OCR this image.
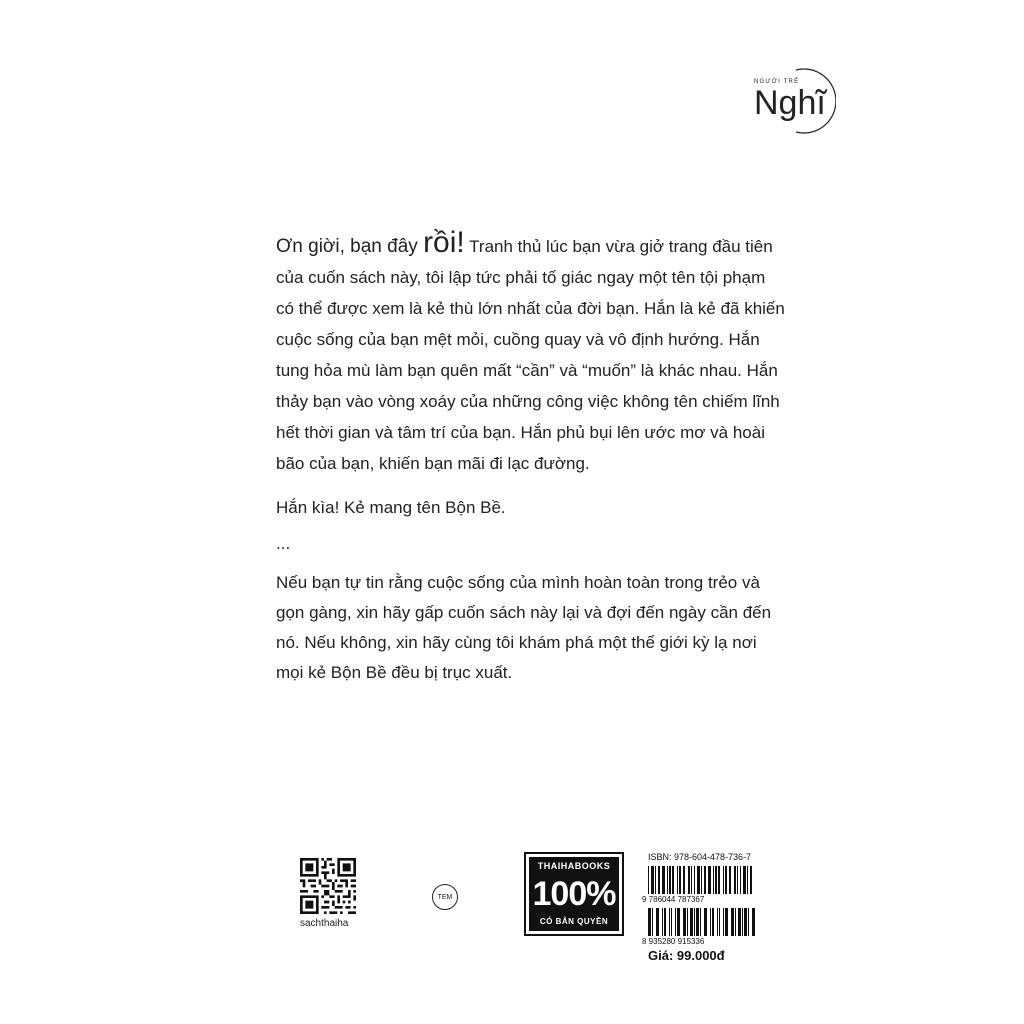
NGƯỜI TRẺ
Nghĩ

Ơn giời, bạn đây rồi! Tranh thủ lúc bạn vừa giở trang đầu tiên của cuốn sách này, tôi lập tức phải tố giác ngay một tên tội phạm có thể được xem là kẻ thù lớn nhất của đời bạn. Hắn là kẻ đã khiến cuộc sống của bạn mệt mỏi, cuồng quay và vô định hướng. Hắn tung hỏa mù làm bạn quên mất “cần” và “muốn” là khác nhau. Hắn thảy bạn vào vòng xoáy của những công việc không tên chiếm lĩnh hết thời gian và tâm trí của bạn. Hắn phủ bụi lên ước mơ và hoài bão của bạn, khiến bạn mãi đi lạc đường.

Hắn kìa! Kẻ mang tên Bộn Bề.

...

Nếu bạn tự tin rằng cuộc sống của mình hoàn toàn trong trẻo và gọn gàng, xin hãy gấp cuốn sách này lại và đợi đến ngày cần đến nó. Nếu không, xin hãy cùng tôi khám phá một thế giới kỳ lạ nơi mọi kẻ Bộn Bề đều bị trục xuất.

sachthaiha
TEM
THAIHABOOKS
100%
CÓ BẢN QUYỀN
ISBN: 978-604-478-736-7
9 786044 787367
8 935280 915336
Giá: 99.000đ
